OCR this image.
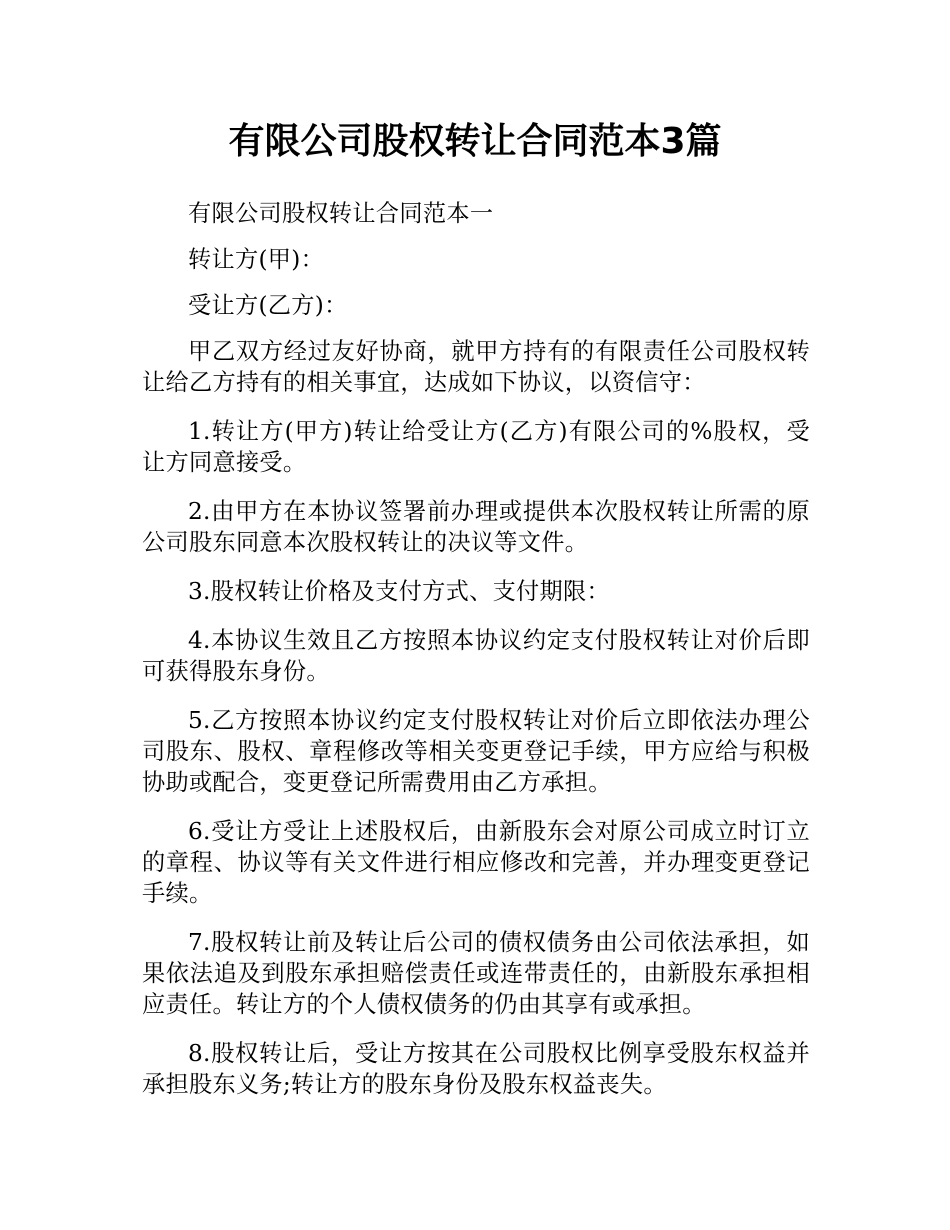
有限公司股权转让合同范本3篇

有限公司股权转让合同范本一

转让方(甲)：

受让方(乙方)：

甲乙双方经过友好协商，就甲方持有的有限责任公司股权转让给乙方持有的相关事宜，达成如下协议，以资信守：

1.转让方(甲方)转让给受让方(乙方)有限公司的%股权，受让方同意接受。

2.由甲方在本协议签署前办理或提供本次股权转让所需的原公司股东同意本次股权转让的决议等文件。

3.股权转让价格及支付方式、支付期限：

4.本协议生效且乙方按照本协议约定支付股权转让对价后即可获得股东身份。

5.乙方按照本协议约定支付股权转让对价后立即依法办理公司股东、股权、章程修改等相关变更登记手续，甲方应给与积极协助或配合，变更登记所需费用由乙方承担。

6.受让方受让上述股权后，由新股东会对原公司成立时订立的章程、协议等有关文件进行相应修改和完善，并办理变更登记手续。

7.股权转让前及转让后公司的债权债务由公司依法承担，如果依法追及到股东承担赔偿责任或连带责任的，由新股东承担相应责任。转让方的个人债权债务的仍由其享有或承担。

8.股权转让后，受让方按其在公司股权比例享受股东权益并承担股东义务;转让方的股东身份及股东权益丧失。
